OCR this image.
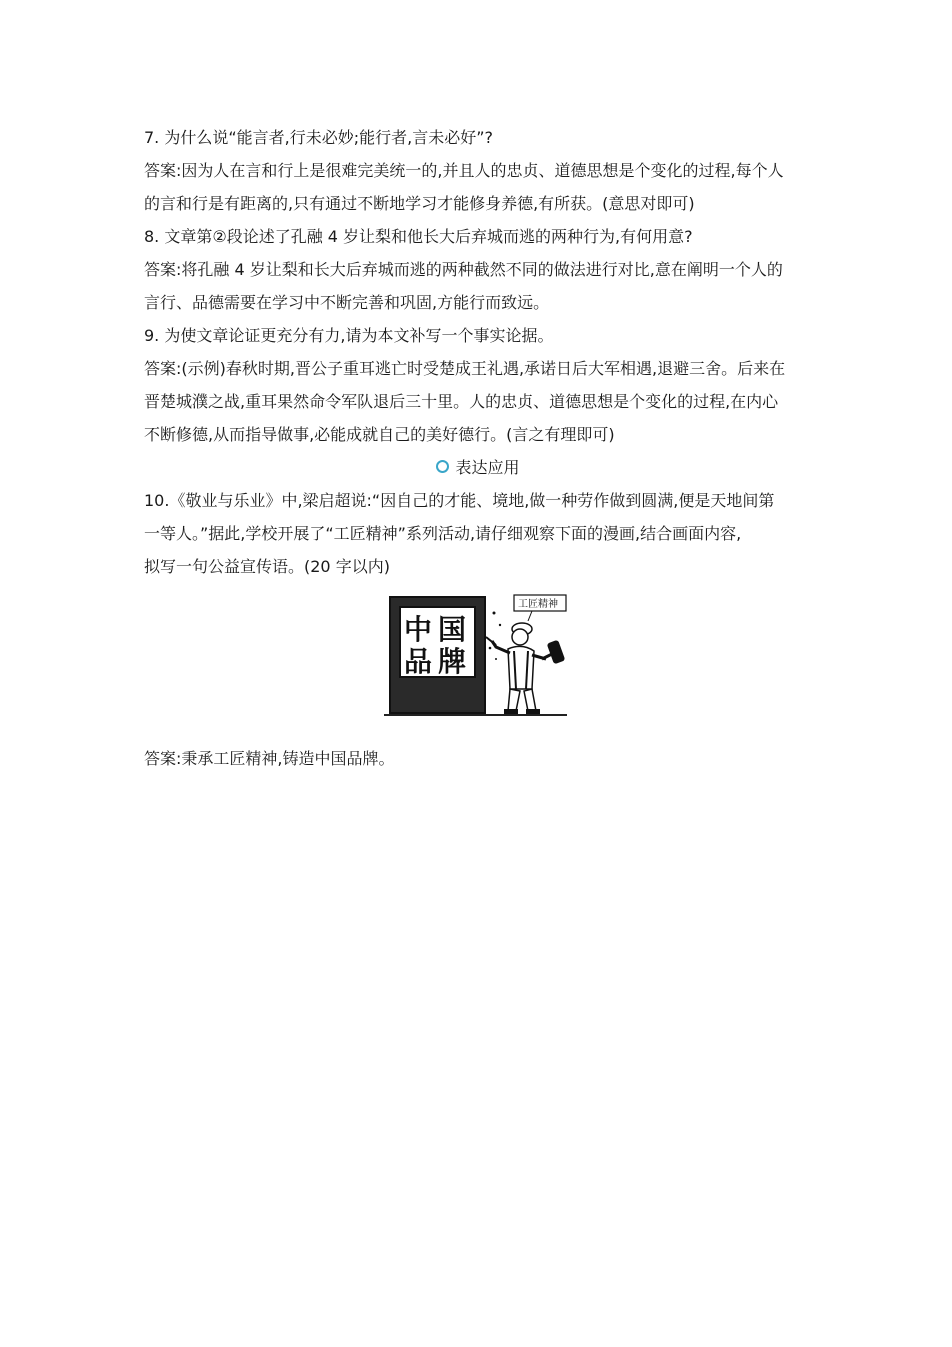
7. 为什么说“能言者,行未必妙;能行者,言未必好”?
答案:因为人在言和行上是很难完美统一的,并且人的忠贞、道德思想是个变化的过程,每个人
的言和行是有距离的,只有通过不断地学习才能修身养德,有所获。(意思对即可)
8. 文章第②段论述了孔融 4 岁让梨和他长大后弃城而逃的两种行为,有何用意?
答案:将孔融 4 岁让梨和长大后弃城而逃的两种截然不同的做法进行对比,意在阐明一个人的
言行、品德需要在学习中不断完善和巩固,方能行而致远。
9. 为使文章论证更充分有力,请为本文补写一个事实论据。
答案:(示例)春秋时期,晋公子重耳逃亡时受楚成王礼遇,承诺日后大军相遇,退避三舍。后来在
晋楚城濮之战,重耳果然命令军队退后三十里。人的忠贞、道德思想是个变化的过程,在内心
不断修德,从而指导做事,必能成就自己的美好德行。(言之有理即可)
表达应用
10.《敬业与乐业》中,梁启超说:“因自己的才能、境地,做一种劳作做到圆满,便是天地间第
一等人。”据此,学校开展了“工匠精神”系列活动,请仔细观察下面的漫画,结合画面内容,
拟写一句公益宣传语。(20 字以内)
中 国
品 牌
工匠精神
答案:秉承工匠精神,铸造中国品牌。
